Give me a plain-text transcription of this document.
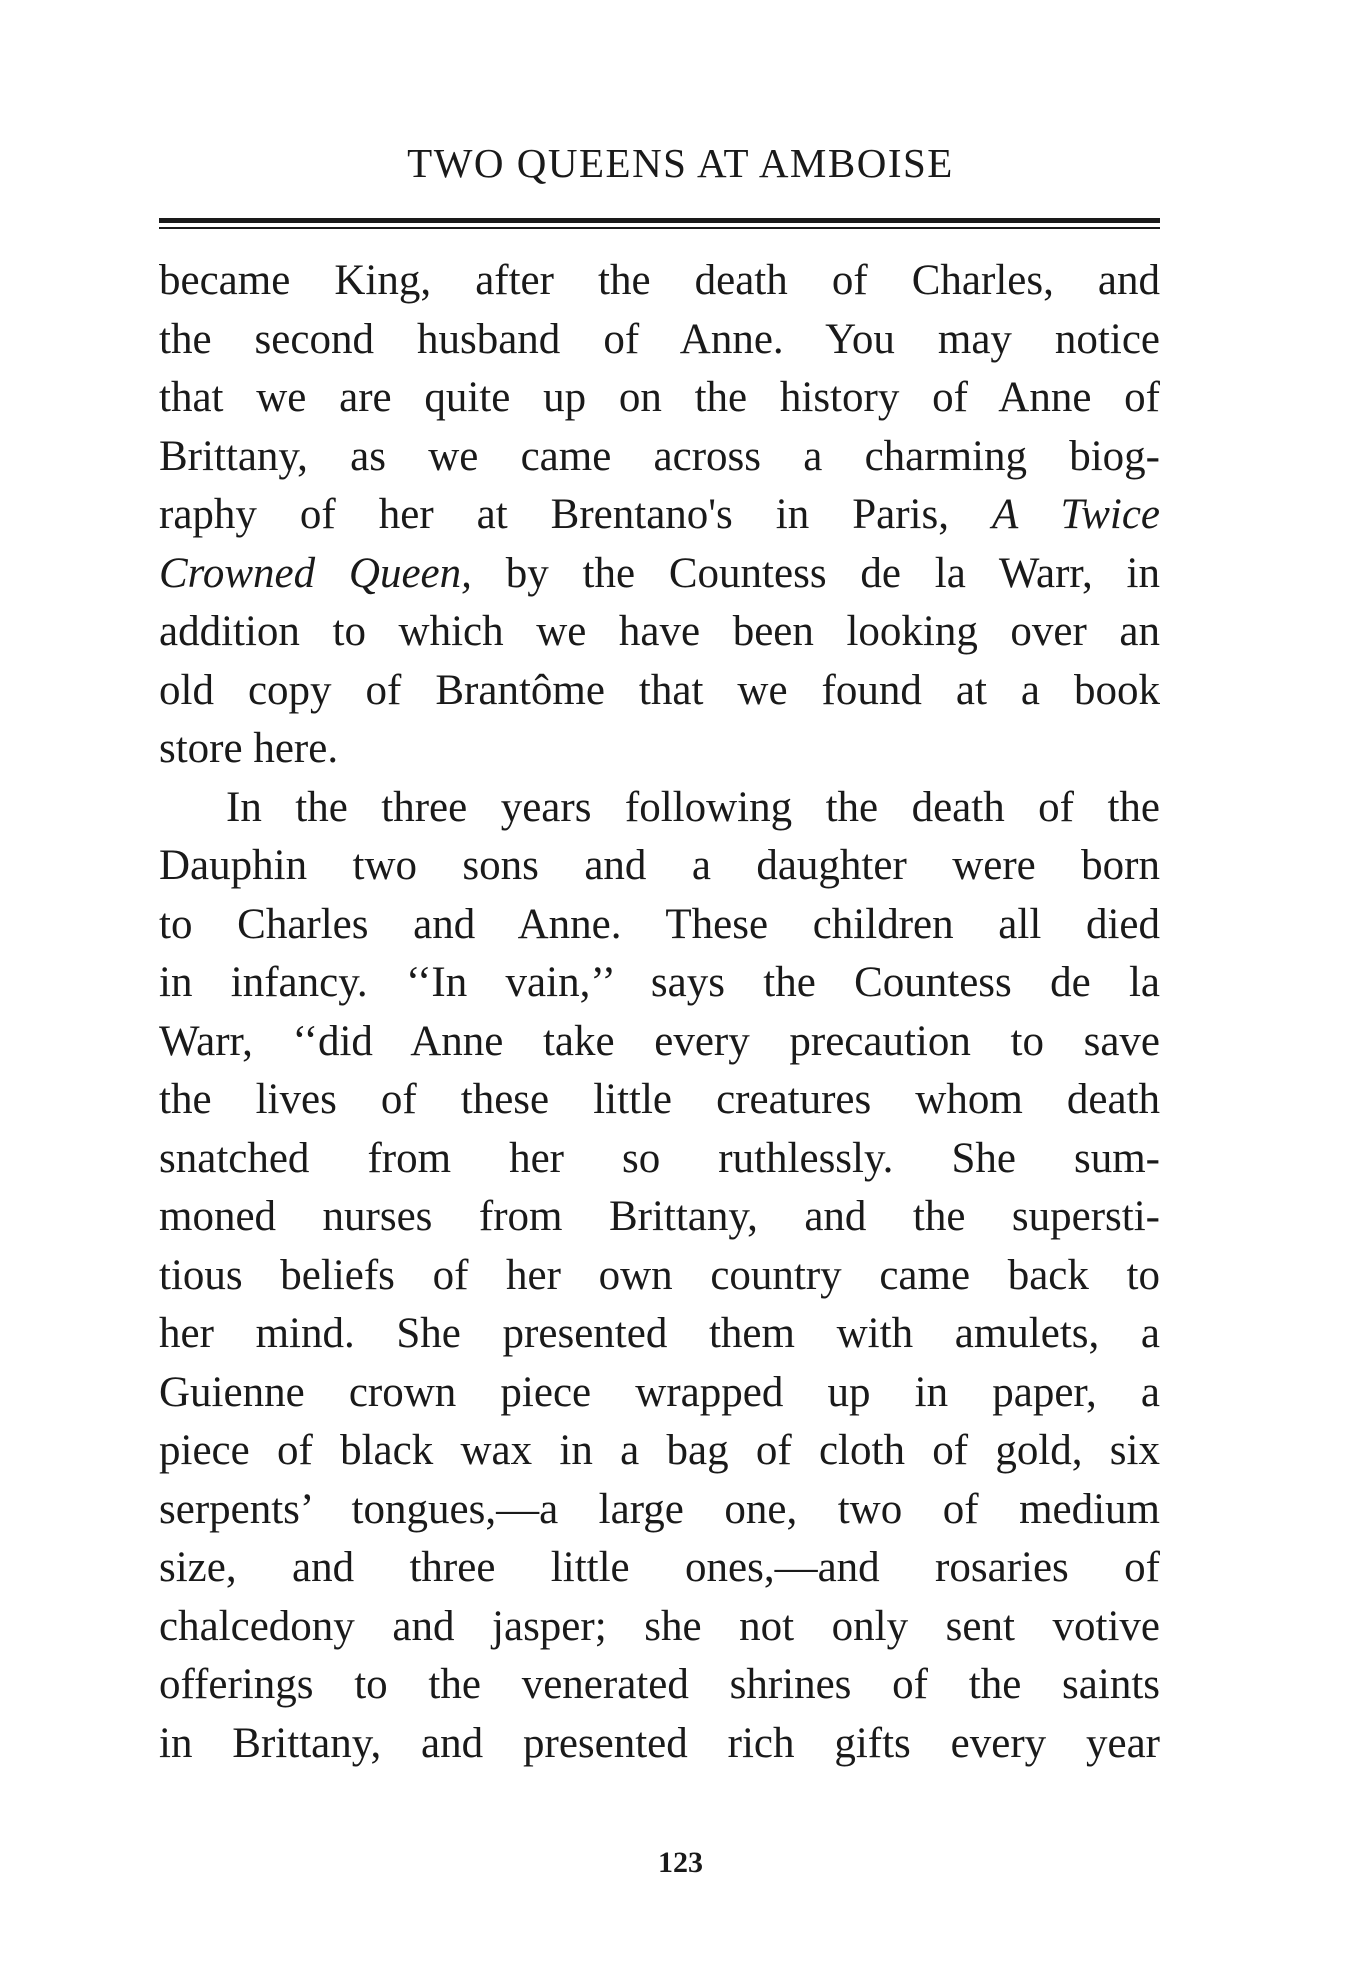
TWO QUEENS AT AMBOISE
became King, after the death of Charles, and
the second husband of Anne. You may notice
that we are quite up on the history of Anne of
Brittany, as we came across a charming biog-
raphy of her at Brentano's in Paris, A Twice
Crowned Queen, by the Countess de la Warr, in
addition to which we have been looking over an
old copy of Brantôme that we found at a book
store here.
In the three years following the death of the
Dauphin two sons and a daughter were born
to Charles and Anne. These children all died
in infancy. ‘‘In vain,’’ says the Countess de la
Warr, ‘‘did Anne take every precaution to save
the lives of these little creatures whom death
snatched from her so ruthlessly. She sum-
moned nurses from Brittany, and the supersti-
tious beliefs of her own country came back to
her mind. She presented them with amulets, a
Guienne crown piece wrapped up in paper, a
piece of black wax in a bag of cloth of gold, six
serpents’ tongues,—a large one, two of medium
size, and three little ones,—and rosaries of
chalcedony and jasper; she not only sent votive
offerings to the venerated shrines of the saints
in Brittany, and presented rich gifts every year
123
